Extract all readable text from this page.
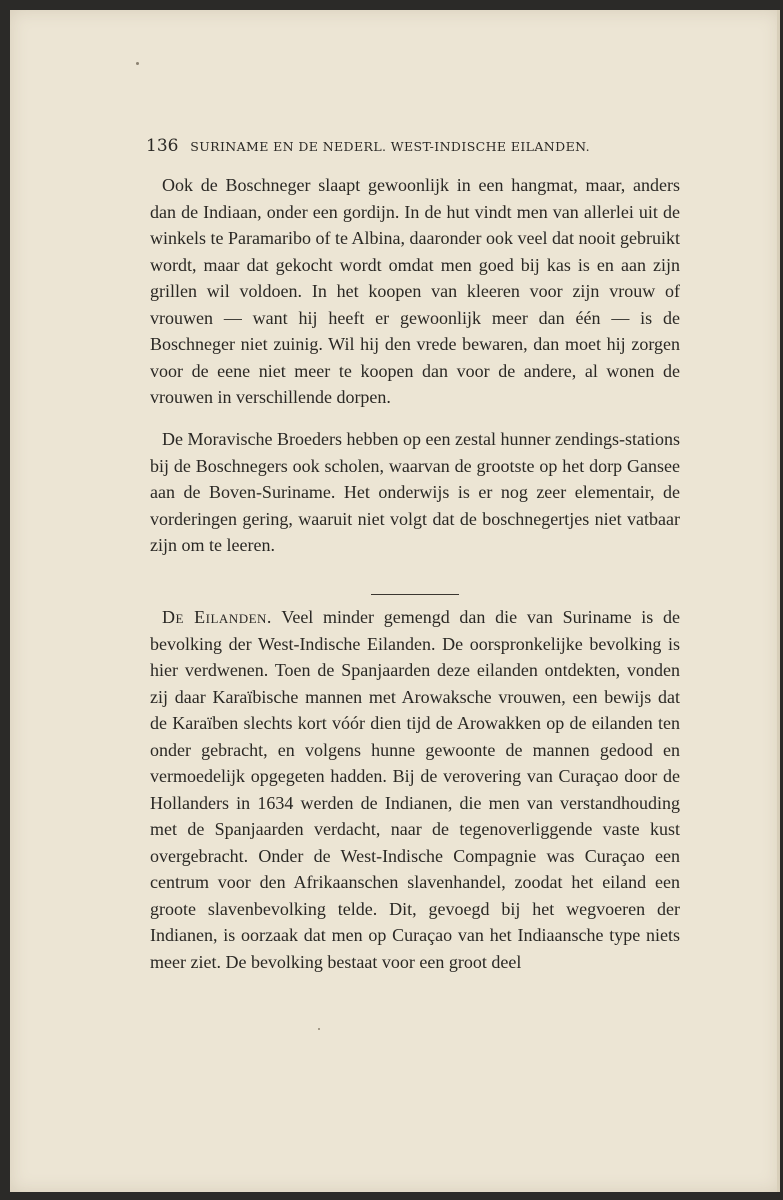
136 SURINAME EN DE NEDERL. WEST-INDISCHE EILANDEN.

Ook de Boschneger slaapt gewoonlijk in een hangmat, maar, anders dan de Indiaan, onder een gordijn. In de hut vindt men van allerlei uit de winkels te Paramaribo of te Albina, daaronder ook veel dat nooit gebruikt wordt, maar dat gekocht wordt omdat men goed bij kas is en aan zijn grillen wil voldoen. In het koopen van kleeren voor zijn vrouw of vrouwen — want hij heeft er gewoonlijk meer dan één — is de Boschneger niet zuinig. Wil hij den vrede bewaren, dan moet hij zorgen voor de eene niet meer te koopen dan voor de andere, al wonen de vrouwen in verschillende dorpen.

De Moravische Broeders hebben op een zestal hunner zendings-stations bij de Boschnegers ook scholen, waarvan de grootste op het dorp Gansee aan de Boven-Suriname. Het onderwijs is er nog zeer elementair, de vorderingen gering, waaruit niet volgt dat de boschnegertjes niet vatbaar zijn om te leeren.

De Eilanden. Veel minder gemengd dan die van Suriname is de bevolking der West-Indische Eilanden. De oorspronkelijke bevolking is hier verdwenen. Toen de Spanjaarden deze eilanden ontdekten, vonden zij daar Karaïbische mannen met Arowaksche vrouwen, een bewijs dat de Karaïben slechts kort vóór dien tijd de Arowakken op de eilanden ten onder gebracht, en volgens hunne gewoonte de mannen gedood en vermoedelijk opgegeten hadden. Bij de verovering van Curaçao door de Hollanders in 1634 werden de Indianen, die men van verstandhouding met de Spanjaarden verdacht, naar de tegenoverliggende vaste kust overgebracht. Onder de West-Indische Compagnie was Curaçao een centrum voor den Afrikaanschen slavenhandel, zoodat het eiland een groote slavenbevolking telde. Dit, gevoegd bij het wegvoeren der Indianen, is oorzaak dat men op Curaçao van het Indiaansche type niets meer ziet. De bevolking bestaat voor een groot deel
